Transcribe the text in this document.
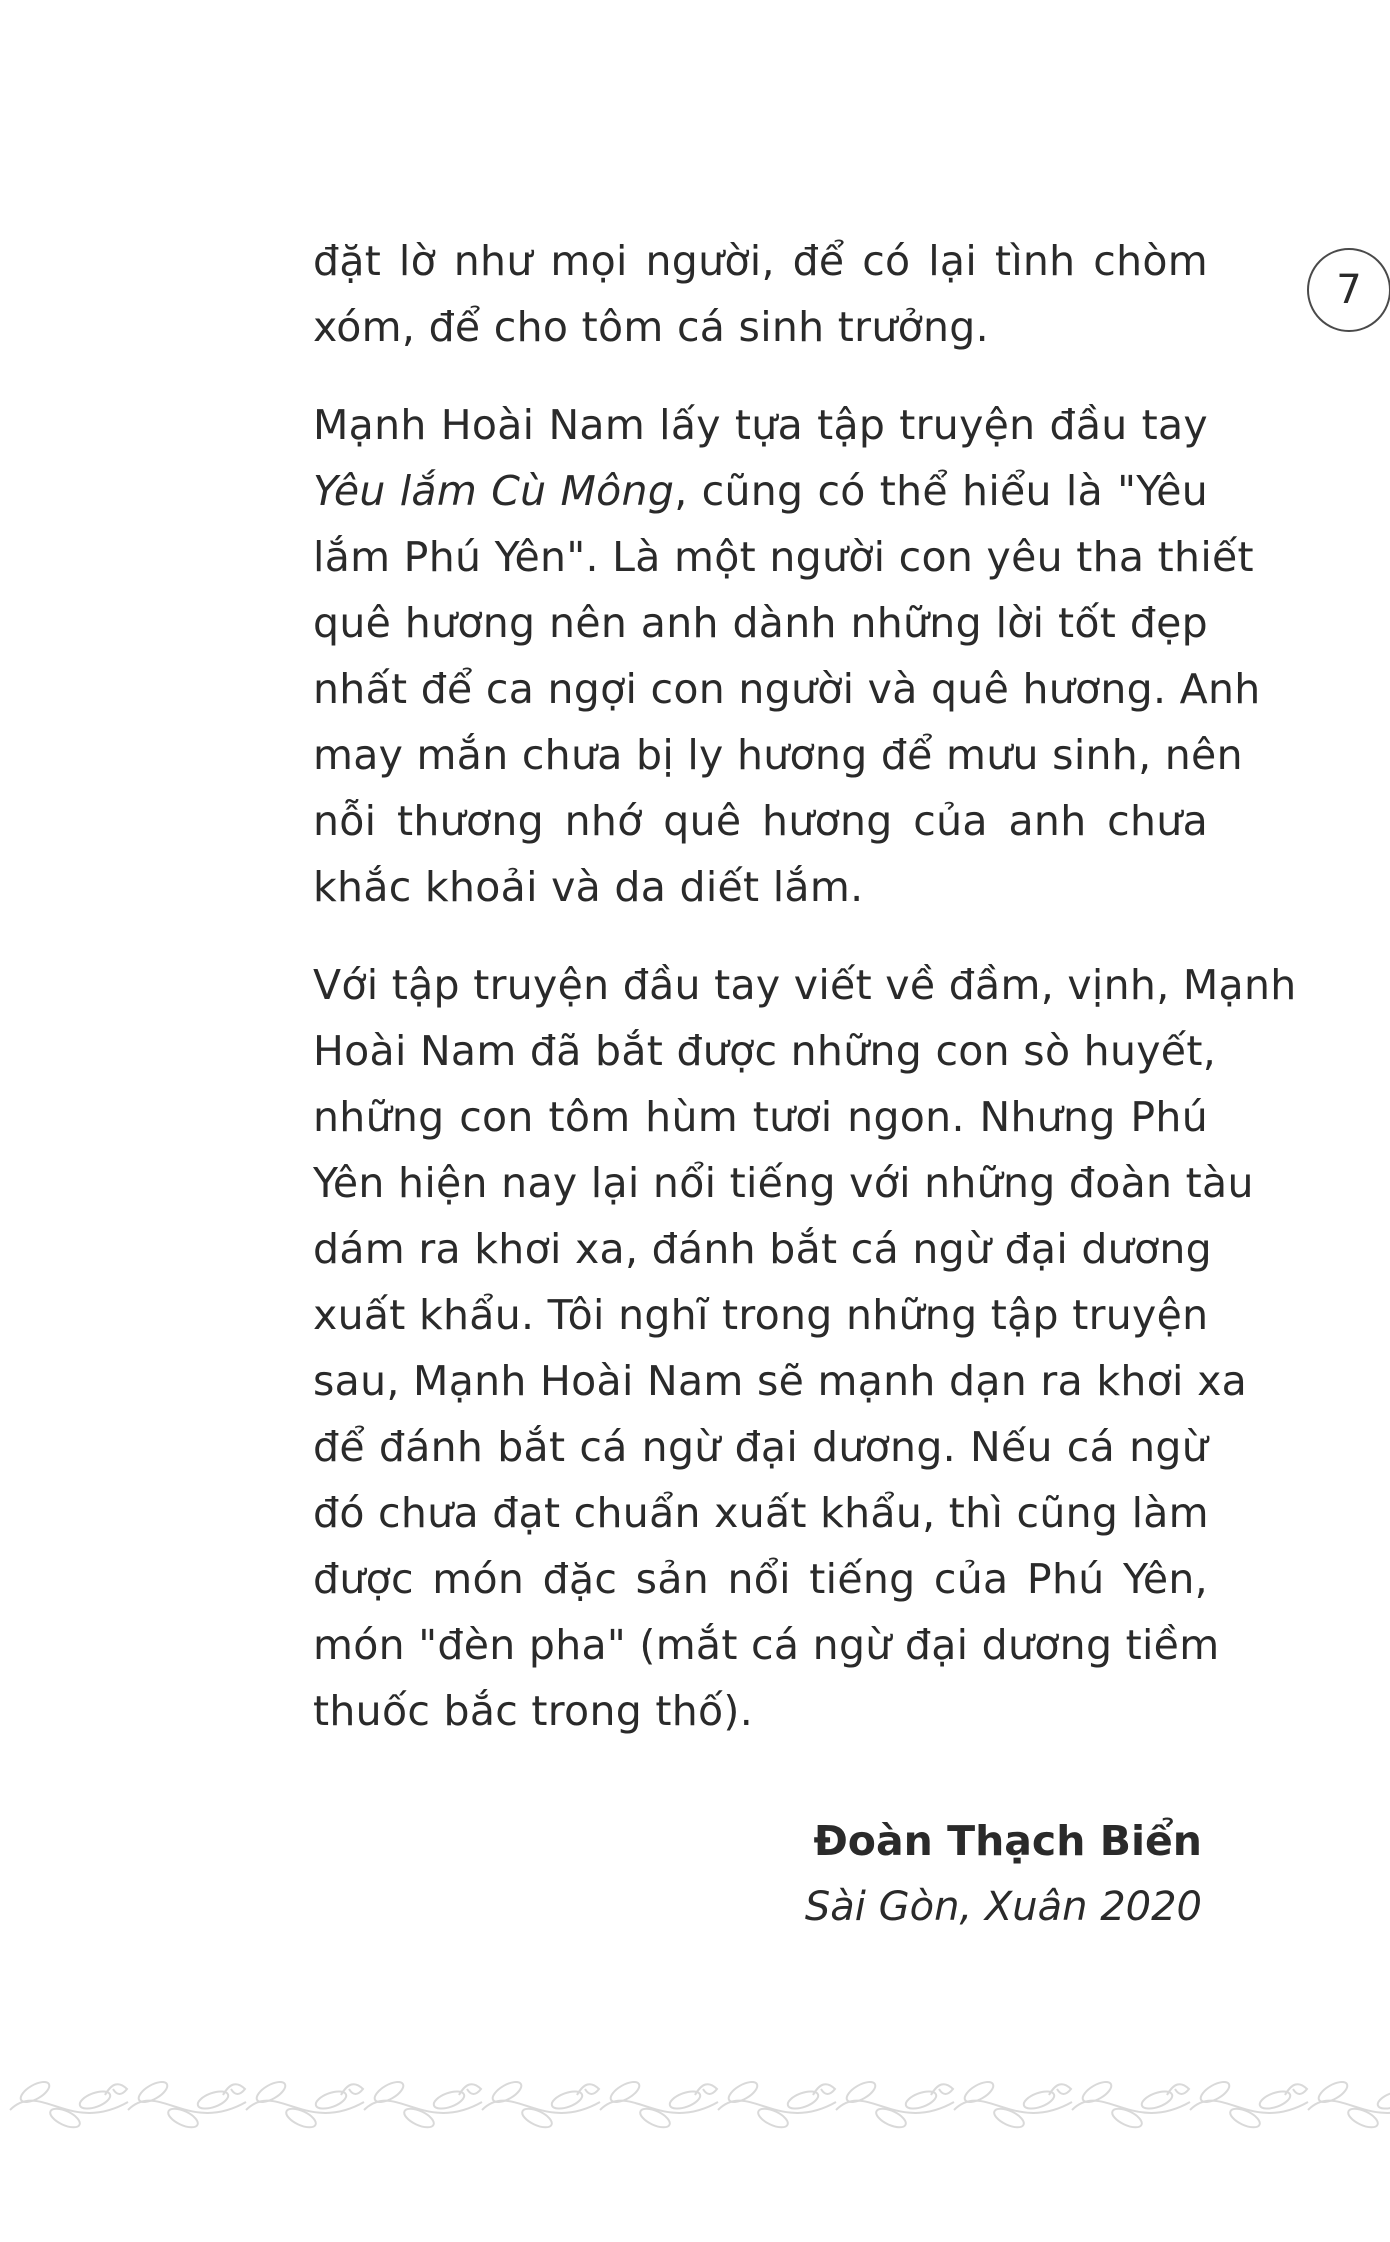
7
đặt lờ như mọi người, để có lại tình chòm
xóm, để cho tôm cá sinh trưởng.
Mạnh Hoài Nam lấy tựa tập truyện đầu tay
Yêu lắm Cù Mông, cũng có thể hiểu là "Yêu
lắm Phú Yên". Là một người con yêu tha thiết
quê hương nên anh dành những lời tốt đẹp
nhất để ca ngợi con người và quê hương. Anh
may mắn chưa bị ly hương để mưu sinh, nên
nỗi thương nhớ quê hương của anh chưa
khắc khoải và da diết lắm.
Với tập truyện đầu tay viết về đầm, vịnh, Mạnh
Hoài Nam đã bắt được những con sò huyết,
những con tôm hùm tươi ngon. Nhưng Phú
Yên hiện nay lại nổi tiếng với những đoàn tàu
dám ra khơi xa, đánh bắt cá ngừ đại dương
xuất khẩu. Tôi nghĩ trong những tập truyện
sau, Mạnh Hoài Nam sẽ mạnh dạn ra khơi xa
để đánh bắt cá ngừ đại dương. Nếu cá ngừ
đó chưa đạt chuẩn xuất khẩu, thì cũng làm
được món đặc sản nổi tiếng của Phú Yên,
món "đèn pha" (mắt cá ngừ đại dương tiềm
thuốc bắc trong thố).
Đoàn Thạch Biển
Sài Gòn, Xuân 2020
